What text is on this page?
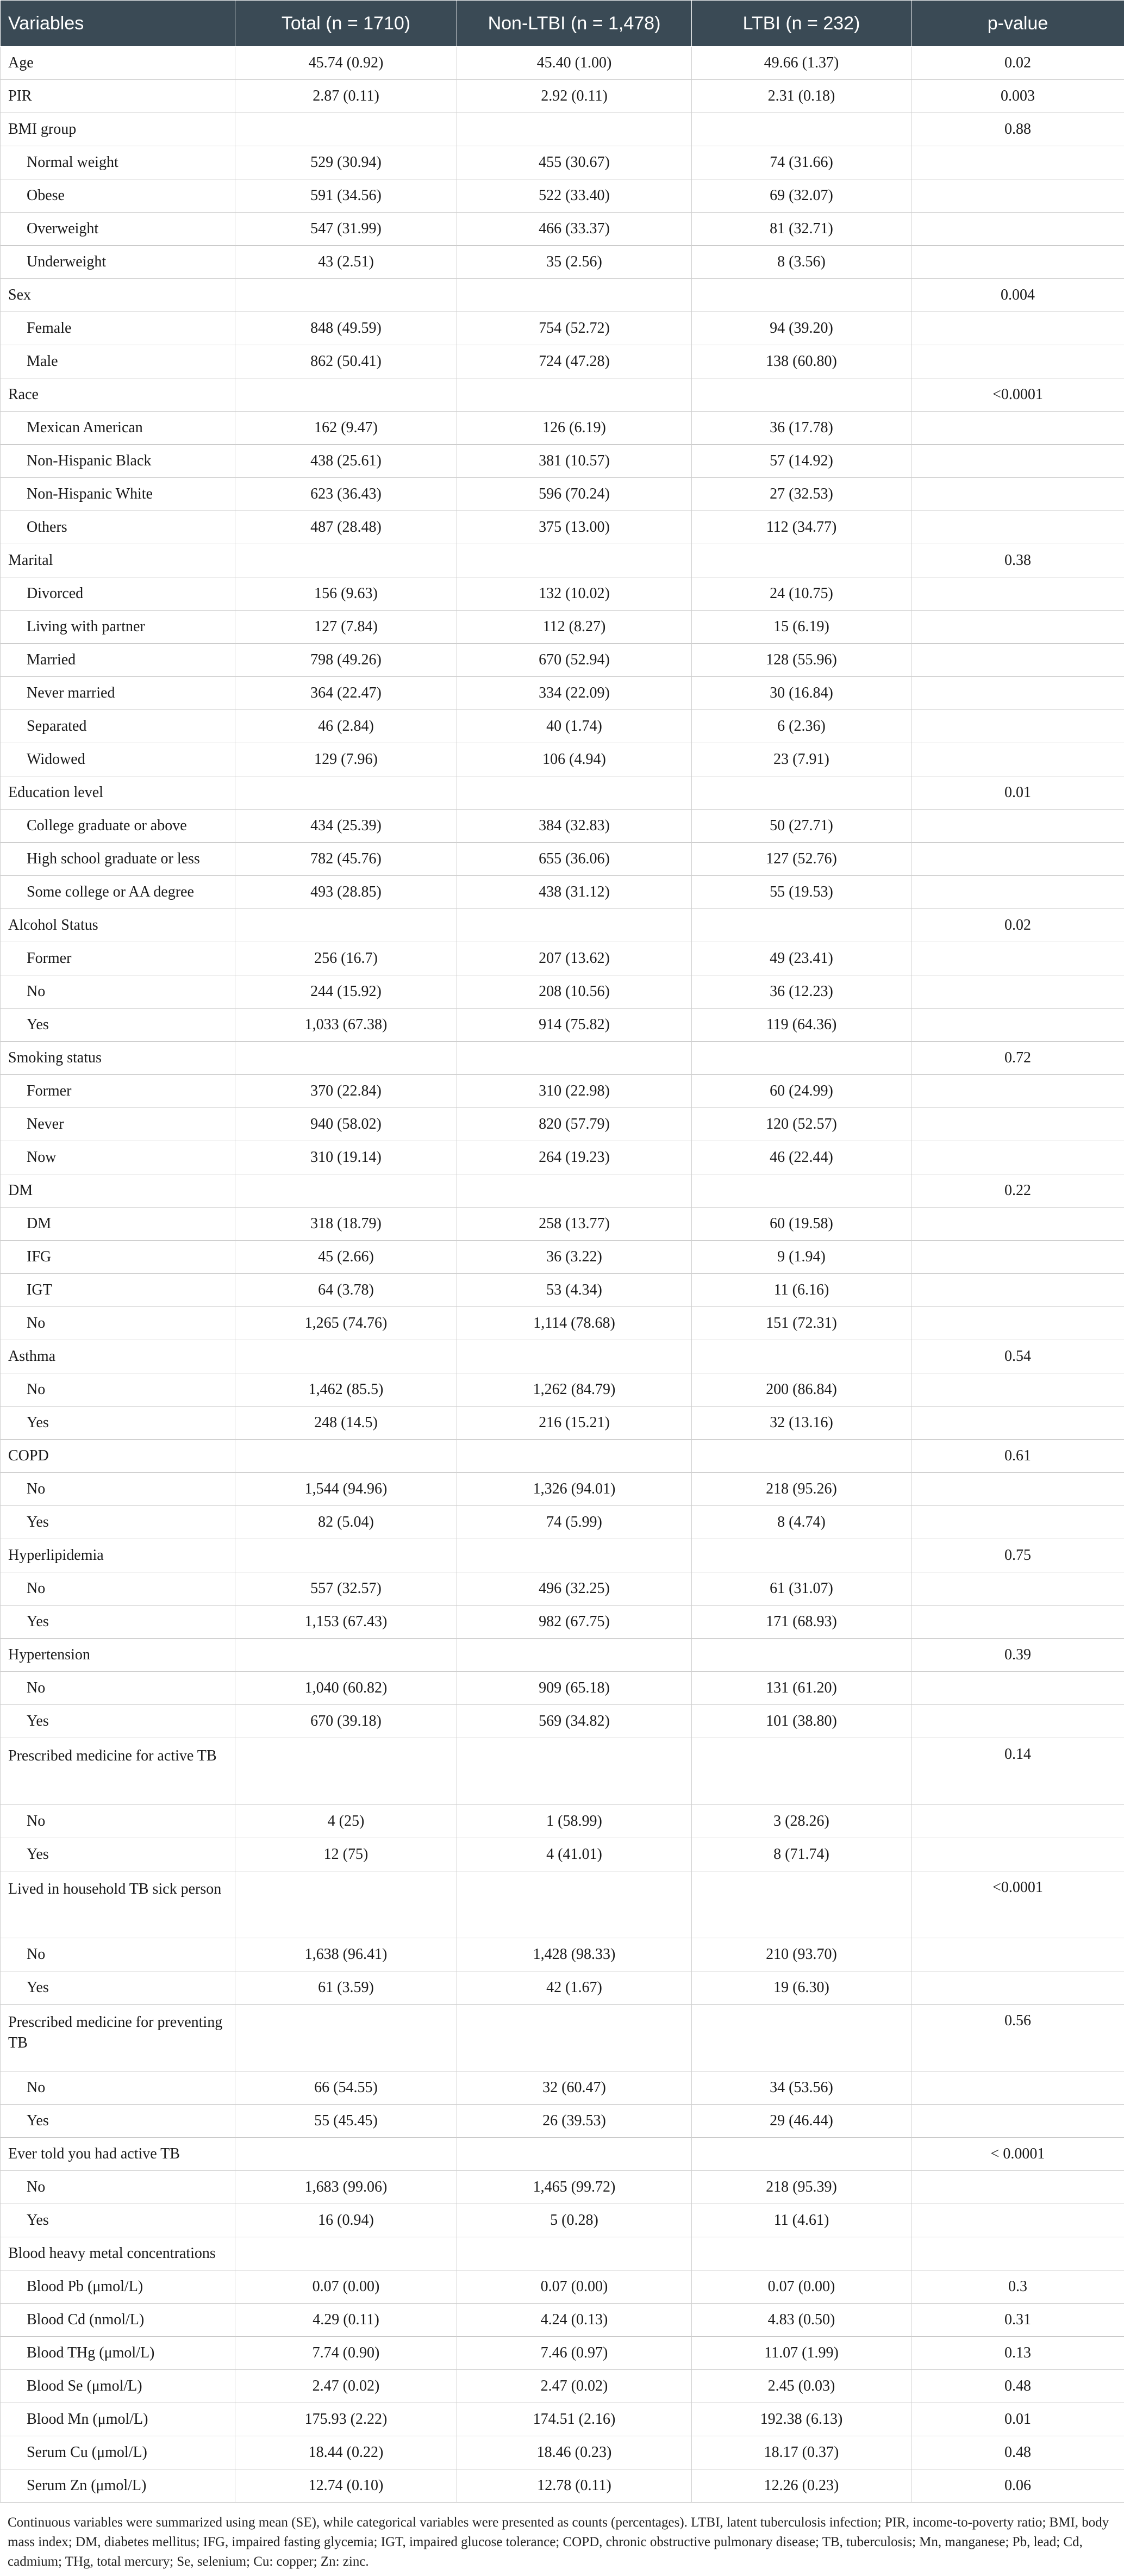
Variables	Total (n = 1710)	Non-LTBI (n = 1,478)	LTBI (n = 232)	p-value
Age	45.74 (0.92)	45.40 (1.00)	49.66 (1.37)	0.02
PIR	2.87 (0.11)	2.92 (0.11)	2.31 (0.18)	0.003
BMI group				0.88
Normal weight	529 (30.94)	455 (30.67)	74 (31.66)	
Obese	591 (34.56)	522 (33.40)	69 (32.07)	
Overweight	547 (31.99)	466 (33.37)	81 (32.71)	
Underweight	43 (2.51)	35 (2.56)	8 (3.56)	
Sex				0.004
Female	848 (49.59)	754 (52.72)	94 (39.20)	
Male	862 (50.41)	724 (47.28)	138 (60.80)	
Race				<0.0001
Mexican American	162 (9.47)	126 (6.19)	36 (17.78)	
Non-Hispanic Black	438 (25.61)	381 (10.57)	57 (14.92)	
Non-Hispanic White	623 (36.43)	596 (70.24)	27 (32.53)	
Others	487 (28.48)	375 (13.00)	112 (34.77)	
Marital				0.38
Divorced	156 (9.63)	132 (10.02)	24 (10.75)	
Living with partner	127 (7.84)	112 (8.27)	15 (6.19)	
Married	798 (49.26)	670 (52.94)	128 (55.96)	
Never married	364 (22.47)	334 (22.09)	30 (16.84)	
Separated	46 (2.84)	40 (1.74)	6 (2.36)	
Widowed	129 (7.96)	106 (4.94)	23 (7.91)	
Education level				0.01
College graduate or above	434 (25.39)	384 (32.83)	50 (27.71)	
High school graduate or less	782 (45.76)	655 (36.06)	127 (52.76)	
Some college or AA degree	493 (28.85)	438 (31.12)	55 (19.53)	
Alcohol Status				0.02
Former	256 (16.7)	207 (13.62)	49 (23.41)	
No	244 (15.92)	208 (10.56)	36 (12.23)	
Yes	1,033 (67.38)	914 (75.82)	119 (64.36)	
Smoking status				0.72
Former	370 (22.84)	310 (22.98)	60 (24.99)	
Never	940 (58.02)	820 (57.79)	120 (52.57)	
Now	310 (19.14)	264 (19.23)	46 (22.44)	
DM				0.22
DM	318 (18.79)	258 (13.77)	60 (19.58)	
IFG	45 (2.66)	36 (3.22)	9 (1.94)	
IGT	64 (3.78)	53 (4.34)	11 (6.16)	
No	1,265 (74.76)	1,114 (78.68)	151 (72.31)	
Asthma				0.54
No	1,462 (85.5)	1,262 (84.79)	200 (86.84)	
Yes	248 (14.5)	216 (15.21)	32 (13.16)	
COPD				0.61
No	1,544 (94.96)	1,326 (94.01)	218 (95.26)	
Yes	82 (5.04)	74 (5.99)	8 (4.74)	
Hyperlipidemia				0.75
No	557 (32.57)	496 (32.25)	61 (31.07)	
Yes	1,153 (67.43)	982 (67.75)	171 (68.93)	
Hypertension				0.39
No	1,040 (60.82)	909 (65.18)	131 (61.20)	
Yes	670 (39.18)	569 (34.82)	101 (38.80)	
Prescribed medicine for active TB				0.14
No	4 (25)	1 (58.99)	3 (28.26)	
Yes	12 (75)	4 (41.01)	8 (71.74)	
Lived in household TB sick person				<0.0001
No	1,638 (96.41)	1,428 (98.33)	210 (93.70)	
Yes	61 (3.59)	42 (1.67)	19 (6.30)	
Prescribed medicine for preventing TB				0.56
No	66 (54.55)	32 (60.47)	34 (53.56)	
Yes	55 (45.45)	26 (39.53)	29 (46.44)	
Ever told you had active TB				< 0.0001
No	1,683 (99.06)	1,465 (99.72)	218 (95.39)	
Yes	16 (0.94)	5 (0.28)	11 (4.61)	
Blood heavy metal concentrations				
Blood Pb (μmol/L)	0.07 (0.00)	0.07 (0.00)	0.07 (0.00)	0.3
Blood Cd (nmol/L)	4.29 (0.11)	4.24 (0.13)	4.83 (0.50)	0.31
Blood THg (μmol/L)	7.74 (0.90)	7.46 (0.97)	11.07 (1.99)	0.13
Blood Se (μmol/L)	2.47 (0.02)	2.47 (0.02)	2.45 (0.03)	0.48
Blood Mn (μmol/L)	175.93 (2.22)	174.51 (2.16)	192.38 (6.13)	0.01
Serum Cu (μmol/L)	18.44 (0.22)	18.46 (0.23)	18.17 (0.37)	0.48
Serum Zn (μmol/L)	12.74 (0.10)	12.78 (0.11)	12.26 (0.23)	0.06
Continuous variables were summarized using mean (SE), while categorical variables were presented as counts (percentages). LTBI, latent tuberculosis infection; PIR, income-to-poverty ratio; BMI, body mass index; DM, diabetes mellitus; IFG, impaired fasting glycemia; IGT, impaired glucose tolerance; COPD, chronic obstructive pulmonary disease; TB, tuberculosis; Mn, manganese; Pb, lead; Cd, cadmium; THg, total mercury; Se, selenium; Cu: copper; Zn: zinc.
